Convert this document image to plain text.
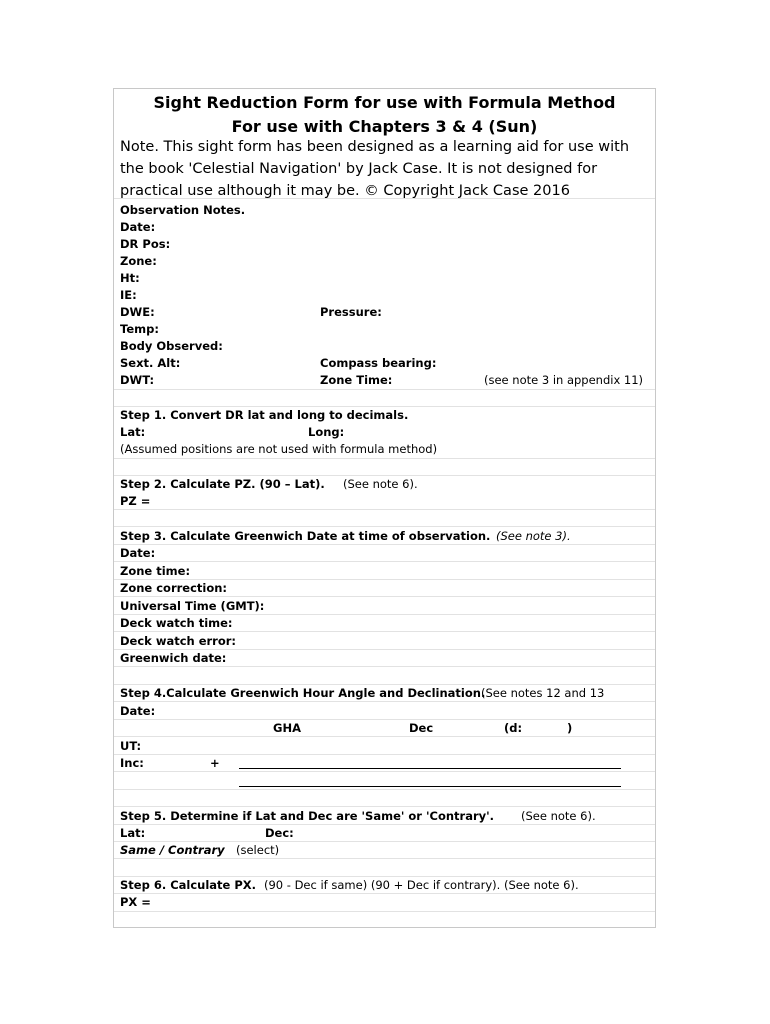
Sight Reduction Form for use with Formula Method
For use with Chapters 3 & 4 (Sun)
Note. This sight form has been designed as a learning aid for use with
the book 'Celestial Navigation' by Jack Case. It is not designed for
practical use although it may be. © Copyright Jack Case 2016
Observation Notes.
Date:
DR Pos:
Zone:
Ht:
IE:
DWE:	Pressure:
Temp:
Body Observed:
Sext. Alt:	Compass bearing:
DWT:	Zone Time:	(see note 3 in appendix 11)
Step 1. Convert DR lat and long to decimals.
Lat:	Long:
(Assumed positions are not used with formula method)
Step 2. Calculate PZ. (90 – Lat). (See note 6).
PZ =
Step 3. Calculate Greenwich Date at time of observation. (See note 3).
Date:
Zone time:
Zone correction:
Universal Time (GMT):
Deck watch time:
Deck watch error:
Greenwich date:
Step 4.Calculate Greenwich Hour Angle and Declination.
(See notes 12 and 13
Date:
GHA	Dec	(d:	)
UT:
Inc:	+
Step 5. Determine if Lat and Dec are 'Same' or 'Contrary'. (See note 6).
Lat:	Dec:
Same / Contrary (select)
Step 6. Calculate PX. (90 - Dec if same) (90 + Dec if contrary). (See note 6).
PX =
